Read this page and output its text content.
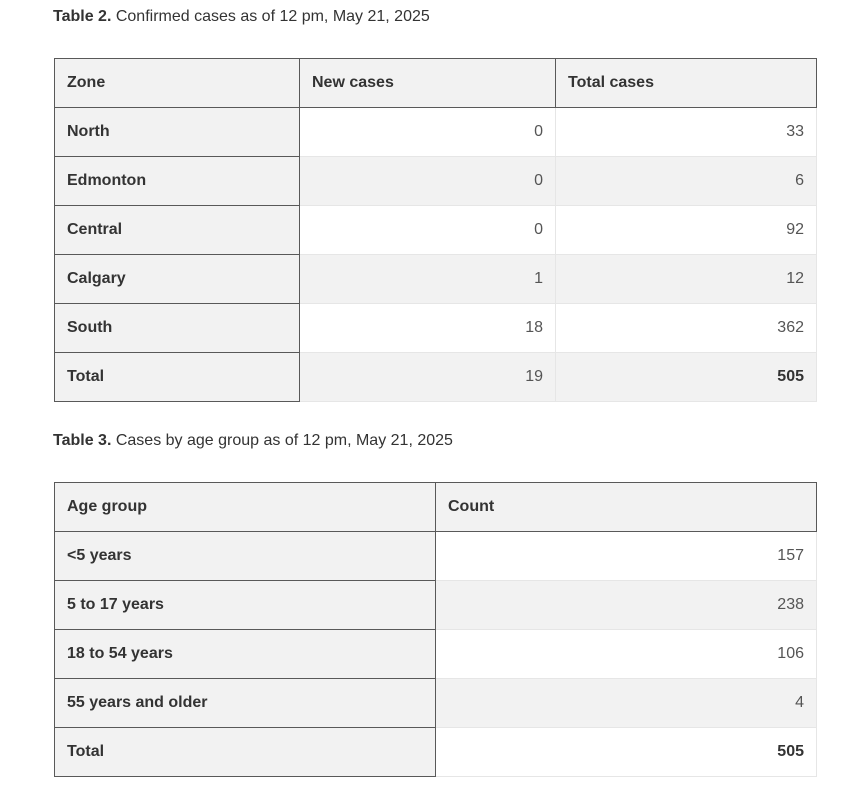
Table 2. Confirmed cases as of 12 pm, May 21, 2025
Zone	New cases	Total cases
North	0	33
Edmonton	0	6
Central	0	92
Calgary	1	12
South	18	362
Total	19	505
Table 3. Cases by age group as of 12 pm, May 21, 2025
Age group	Count
<5 years	157
5 to 17 years	238
18 to 54 years	106
55 years and older	4
Total	505
